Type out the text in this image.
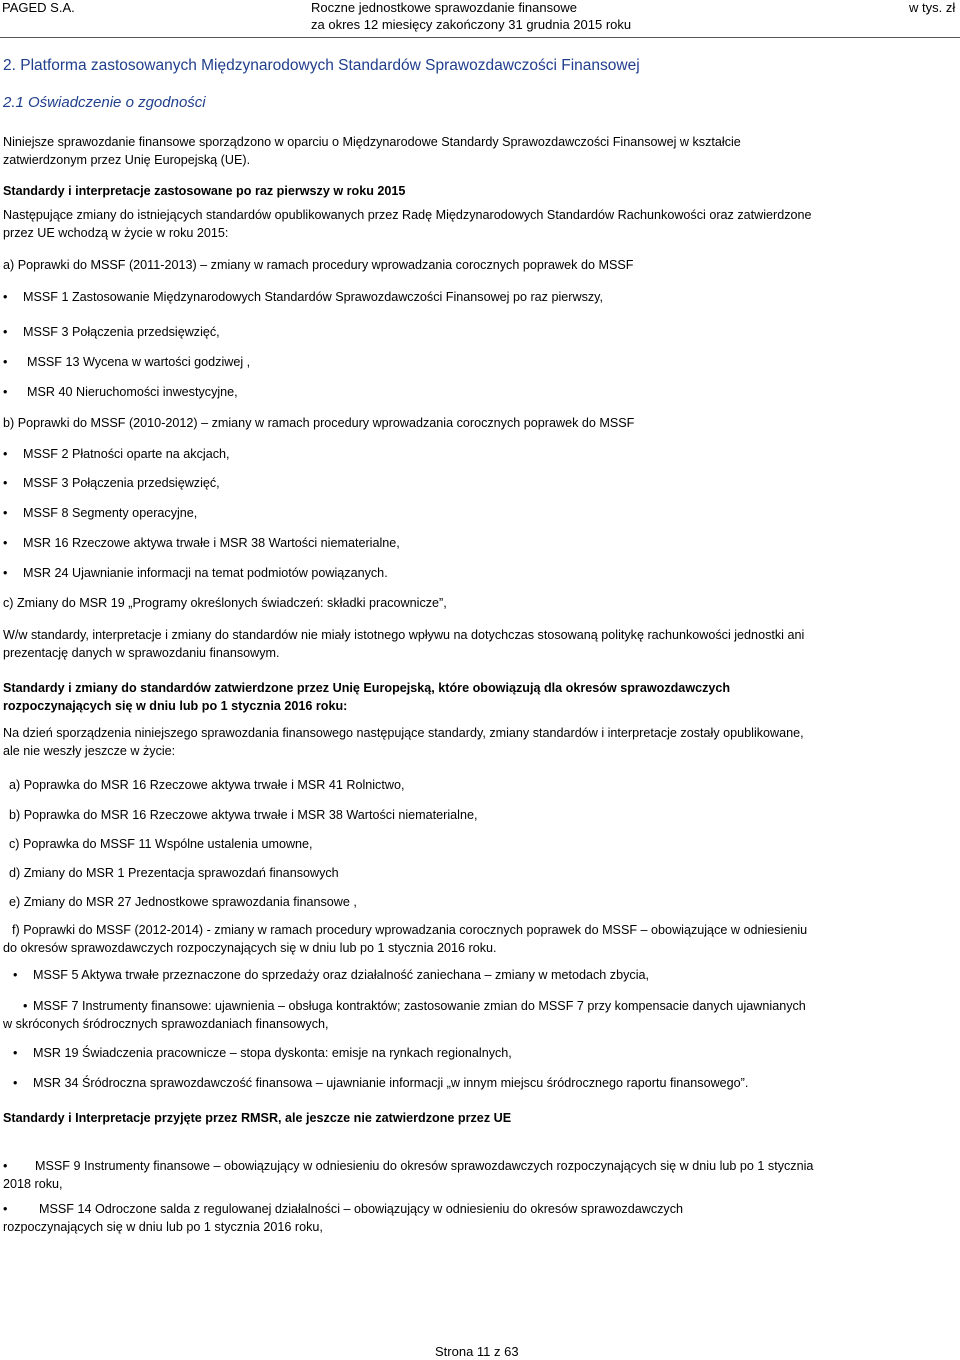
PAGED S.A.	Roczne jednostkowe sprawozdanie finansowe
za okres 12 miesięcy zakończony 31 grudnia 2015 roku
w tys. zł
2. Platforma zastosowanych Międzynarodowych Standardów Sprawozdawczości Finansowej
2.1 Oświadczenie o zgodności
Niniejsze sprawozdanie finansowe sporządzono w oparciu o Międzynarodowe Standardy Sprawozdawczości Finansowej w kształcie zatwierdzonym przez Unię Europejską (UE).
Standardy i interpretacje zastosowane po raz pierwszy w roku 2015
Następujące zmiany do istniejących standardów opublikowanych przez Radę Międzynarodowych Standardów Rachunkowości oraz zatwierdzone przez UE wchodzą w życie w roku 2015:
a) Poprawki do MSSF (2011-2013) – zmiany w ramach procedury wprowadzania corocznych poprawek do MSSF
• MSSF 1 Zastosowanie Międzynarodowych Standardów Sprawozdawczości Finansowej po raz pierwszy,
• MSSF 3 Połączenia przedsięwzięć,
• MSSF 13 Wycena w wartości godziwej ,
• MSR 40 Nieruchomości inwestycyjne,
b) Poprawki do MSSF (2010-2012) – zmiany w ramach procedury wprowadzania corocznych poprawek do MSSF
• MSSF 2 Płatności oparte na akcjach,
• MSSF 3 Połączenia przedsięwzięć,
• MSSF 8 Segmenty operacyjne,
• MSR 16 Rzeczowe aktywa trwałe i MSR 38 Wartości niematerialne,
• MSR 24 Ujawnianie informacji na temat podmiotów powiązanych.
c) Zmiany do MSR 19 „Programy określonych świadczeń: składki pracownicze”,
W/w standardy, interpretacje i zmiany do standardów nie miały istotnego wpływu na dotychczas stosowaną politykę rachunkowości jednostki ani prezentację danych w sprawozdaniu finansowym.
Standardy i zmiany do standardów zatwierdzone przez Unię Europejską, które obowiązują dla okresów sprawozdawczych rozpoczynających się w dniu lub po 1 stycznia 2016 roku:
Na dzień sporządzenia niniejszego sprawozdania finansowego następujące standardy, zmiany standardów i interpretacje zostały opublikowane, ale nie weszły jeszcze w życie:
a) Poprawka do MSR 16 Rzeczowe aktywa trwałe i MSR 41 Rolnictwo,
b) Poprawka do MSR 16 Rzeczowe aktywa trwałe i MSR 38 Wartości niematerialne,
c) Poprawka do MSSF 11 Wspólne ustalenia umowne,
d) Zmiany do MSR 1 Prezentacja sprawozdań finansowych
e) Zmiany do MSR 27 Jednostkowe sprawozdania finansowe ,
f) Poprawki do MSSF (2012-2014) - zmiany w ramach procedury wprowadzania corocznych poprawek do MSSF – obowiązujące w odniesieniu do okresów sprawozdawczych rozpoczynających się w dniu lub po 1 stycznia 2016 roku.
• MSSF 5 Aktywa trwałe przeznaczone do sprzedaży oraz działalność zaniechana – zmiany w metodach zbycia,
• MSSF 7 Instrumenty finansowe: ujawnienia – obsługa kontraktów; zastosowanie zmian do MSSF 7 przy kompensacie danych ujawnianych w skróconych śródrocznych sprawozdaniach finansowych,
• MSR 19 Świadczenia pracownicze – stopa dyskonta: emisje na rynkach regionalnych,
• MSR 34 Śródroczna sprawozdawczość finansowa – ujawnianie informacji „w innym miejscu śródrocznego raportu finansowego”.
Standardy i Interpretacje przyjęte przez RMSR, ale jeszcze nie zatwierdzone przez UE
• MSSF 9 Instrumenty finansowe – obowiązujący w odniesieniu do okresów sprawozdawczych rozpoczynających się w dniu lub po 1 stycznia 2018 roku,
•	MSSF 14 Odroczone salda z regulowanej działalności – obowiązujący w odniesieniu do okresów sprawozdawczych rozpoczynających się w dniu lub po 1 stycznia 2016 roku,
Strona 11 z 63
